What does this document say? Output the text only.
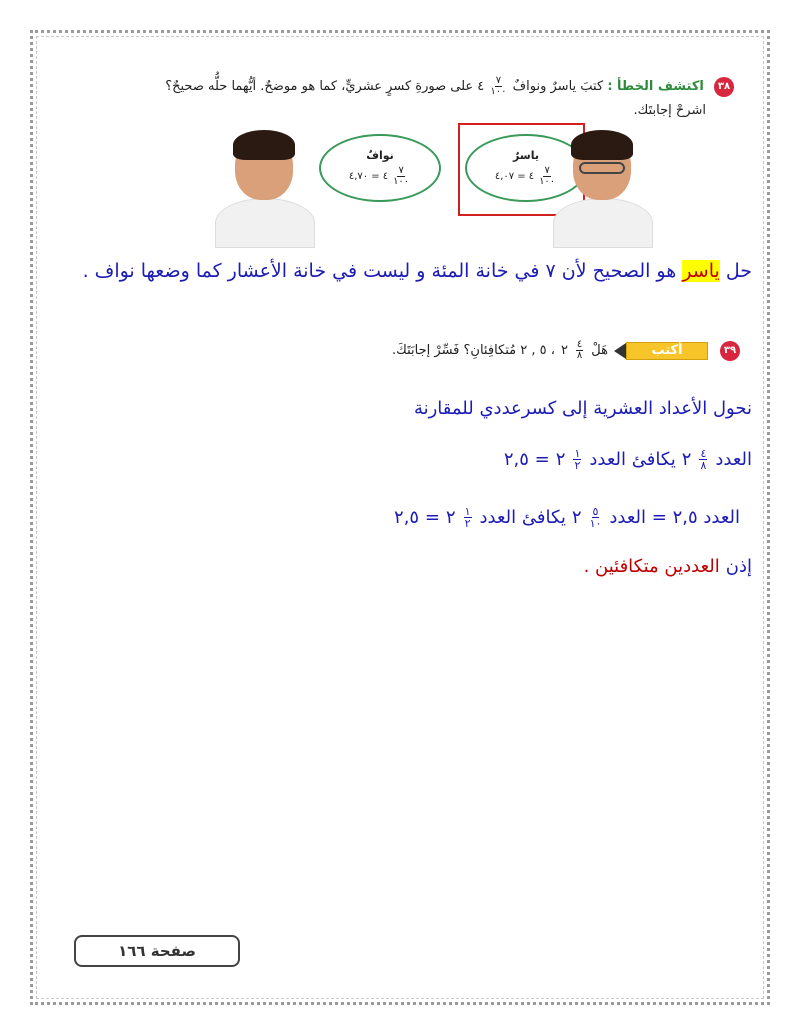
٣٨ اكتشف الخطأ : كتبَ ياسرٌ ونوافٌ
$\frac{٧}{١٠٠}$
٤ على صورةِ كسرٍ عشريٍّ، كما هو موضحٌ. أيُّهما حلُّه صحيحٌ؟
اشرحْ إجابتَك.
نوافٌ
٤,٧٠ = ٤ $\frac{٧}{١٠٠}$
ياسرٌ
٤,٠٧ = ٤ $\frac{٧}{١٠٠}$
حل ياسر هو الصحيح لأن ٧ في خانة المئة و ليست في خانة الأعشار كما وضعها نواف .
٣٩
أكتب
هَلْ
$\frac{٤}{٨}$
٢
، ٥ , ٢ مُتكافِئانِ؟ فَسِّرْ إجابَتَكَ.
نحول الأعداد العشرية إلى كسرعددي للمقارنة
العدد
$\frac{٤}{٨}$
٢
يكافئ العدد
$\frac{١}{٢}$
٢
= ٢,٥
العدد ٢,٥ = العدد
$\frac{٥}{١٠}$
٢
يكافئ العدد
$\frac{١}{٢}$
٢
= ٢,٥
إذن
العددين متكافئين .
صفحة ١٦٦
